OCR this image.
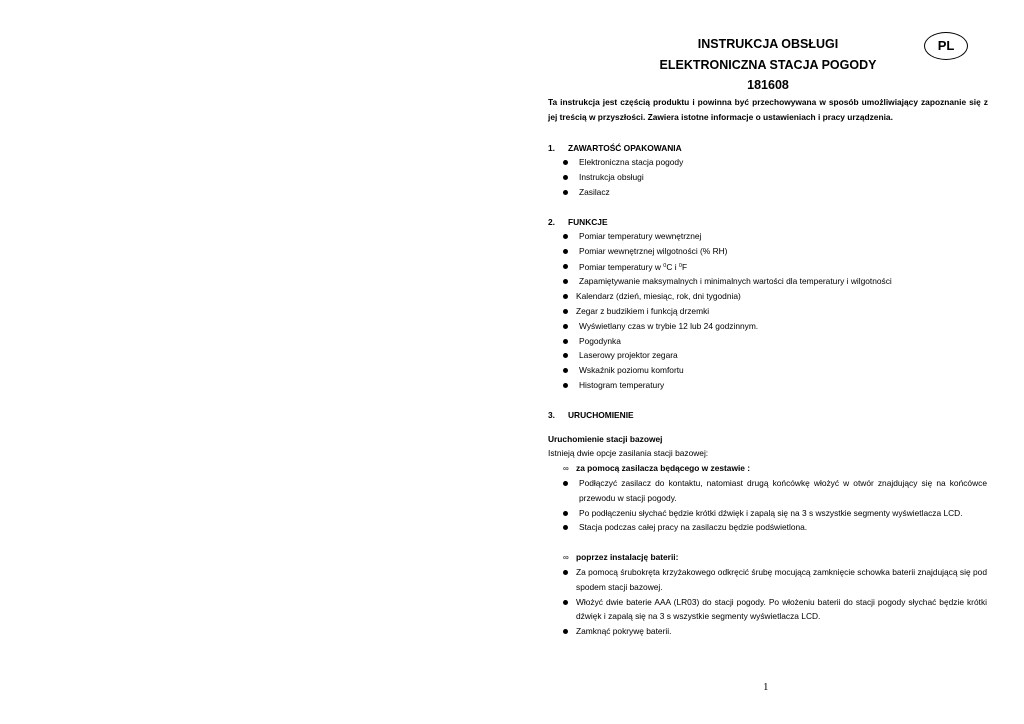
INSTRUKCJA OBSŁUGI
ELEKTRONICZNA STACJA POGODY
181608
PL
Ta instrukcja jest częścią produktu i powinna być przechowywana w sposób umożliwiający zapoznanie się z jej treścią w przyszłości. Zawiera istotne informacje o ustawieniach i pracy urządzenia.
1. ZAWARTOŚĆ OPAKOWANIA
Elektroniczna stacja pogody
Instrukcja obsługi
Zasilacz
2. FUNKCJE
Pomiar temperatury wewnętrznej
Pomiar wewnętrznej wilgotności (% RH)
Pomiar temperatury w $^0$C i $^0$F
Zapamiętywanie maksymalnych i minimalnych wartości dla temperatury i wilgotności
Kalendarz (dzień, miesiąc, rok, dni tygodnia)
Zegar z budzikiem i funkcją drzemki
Wyświetlany czas w trybie 12 lub 24 godzinnym.
Pogodynka
Laserowy projektor zegara
Wskaźnik poziomu komfortu
Histogram temperatury
3. URUCHOMIENIE
Uruchomienie stacji bazowej
Istnieją dwie opcje zasilania stacji bazowej:
∞ za pomocą zasilacza będącego w zestawie :
Podłączyć zasilacz do kontaktu, natomiast drugą końcówkę włożyć w otwór znajdujący się na końcówce przewodu w stacji pogody.
Po podłączeniu słychać będzie krótki dźwięk i zapalą się na 3 s wszystkie segmenty wyświetlacza LCD.
Stacja podczas całej pracy na zasilaczu będzie podświetlona.
∞ poprzez instalację baterii:
Za pomocą śrubokręta krzyżakowego odkręcić śrubę mocującą zamknięcie schowka baterii znajdującą się pod spodem stacji bazowej.
Włożyć dwie baterie AAA (LR03) do stacji pogody. Po włożeniu baterii do stacji pogody słychać będzie krótki dźwięk i zapalą się na 3 s wszystkie segmenty wyświetlacza LCD.
Zamknąć pokrywę baterii.
1
